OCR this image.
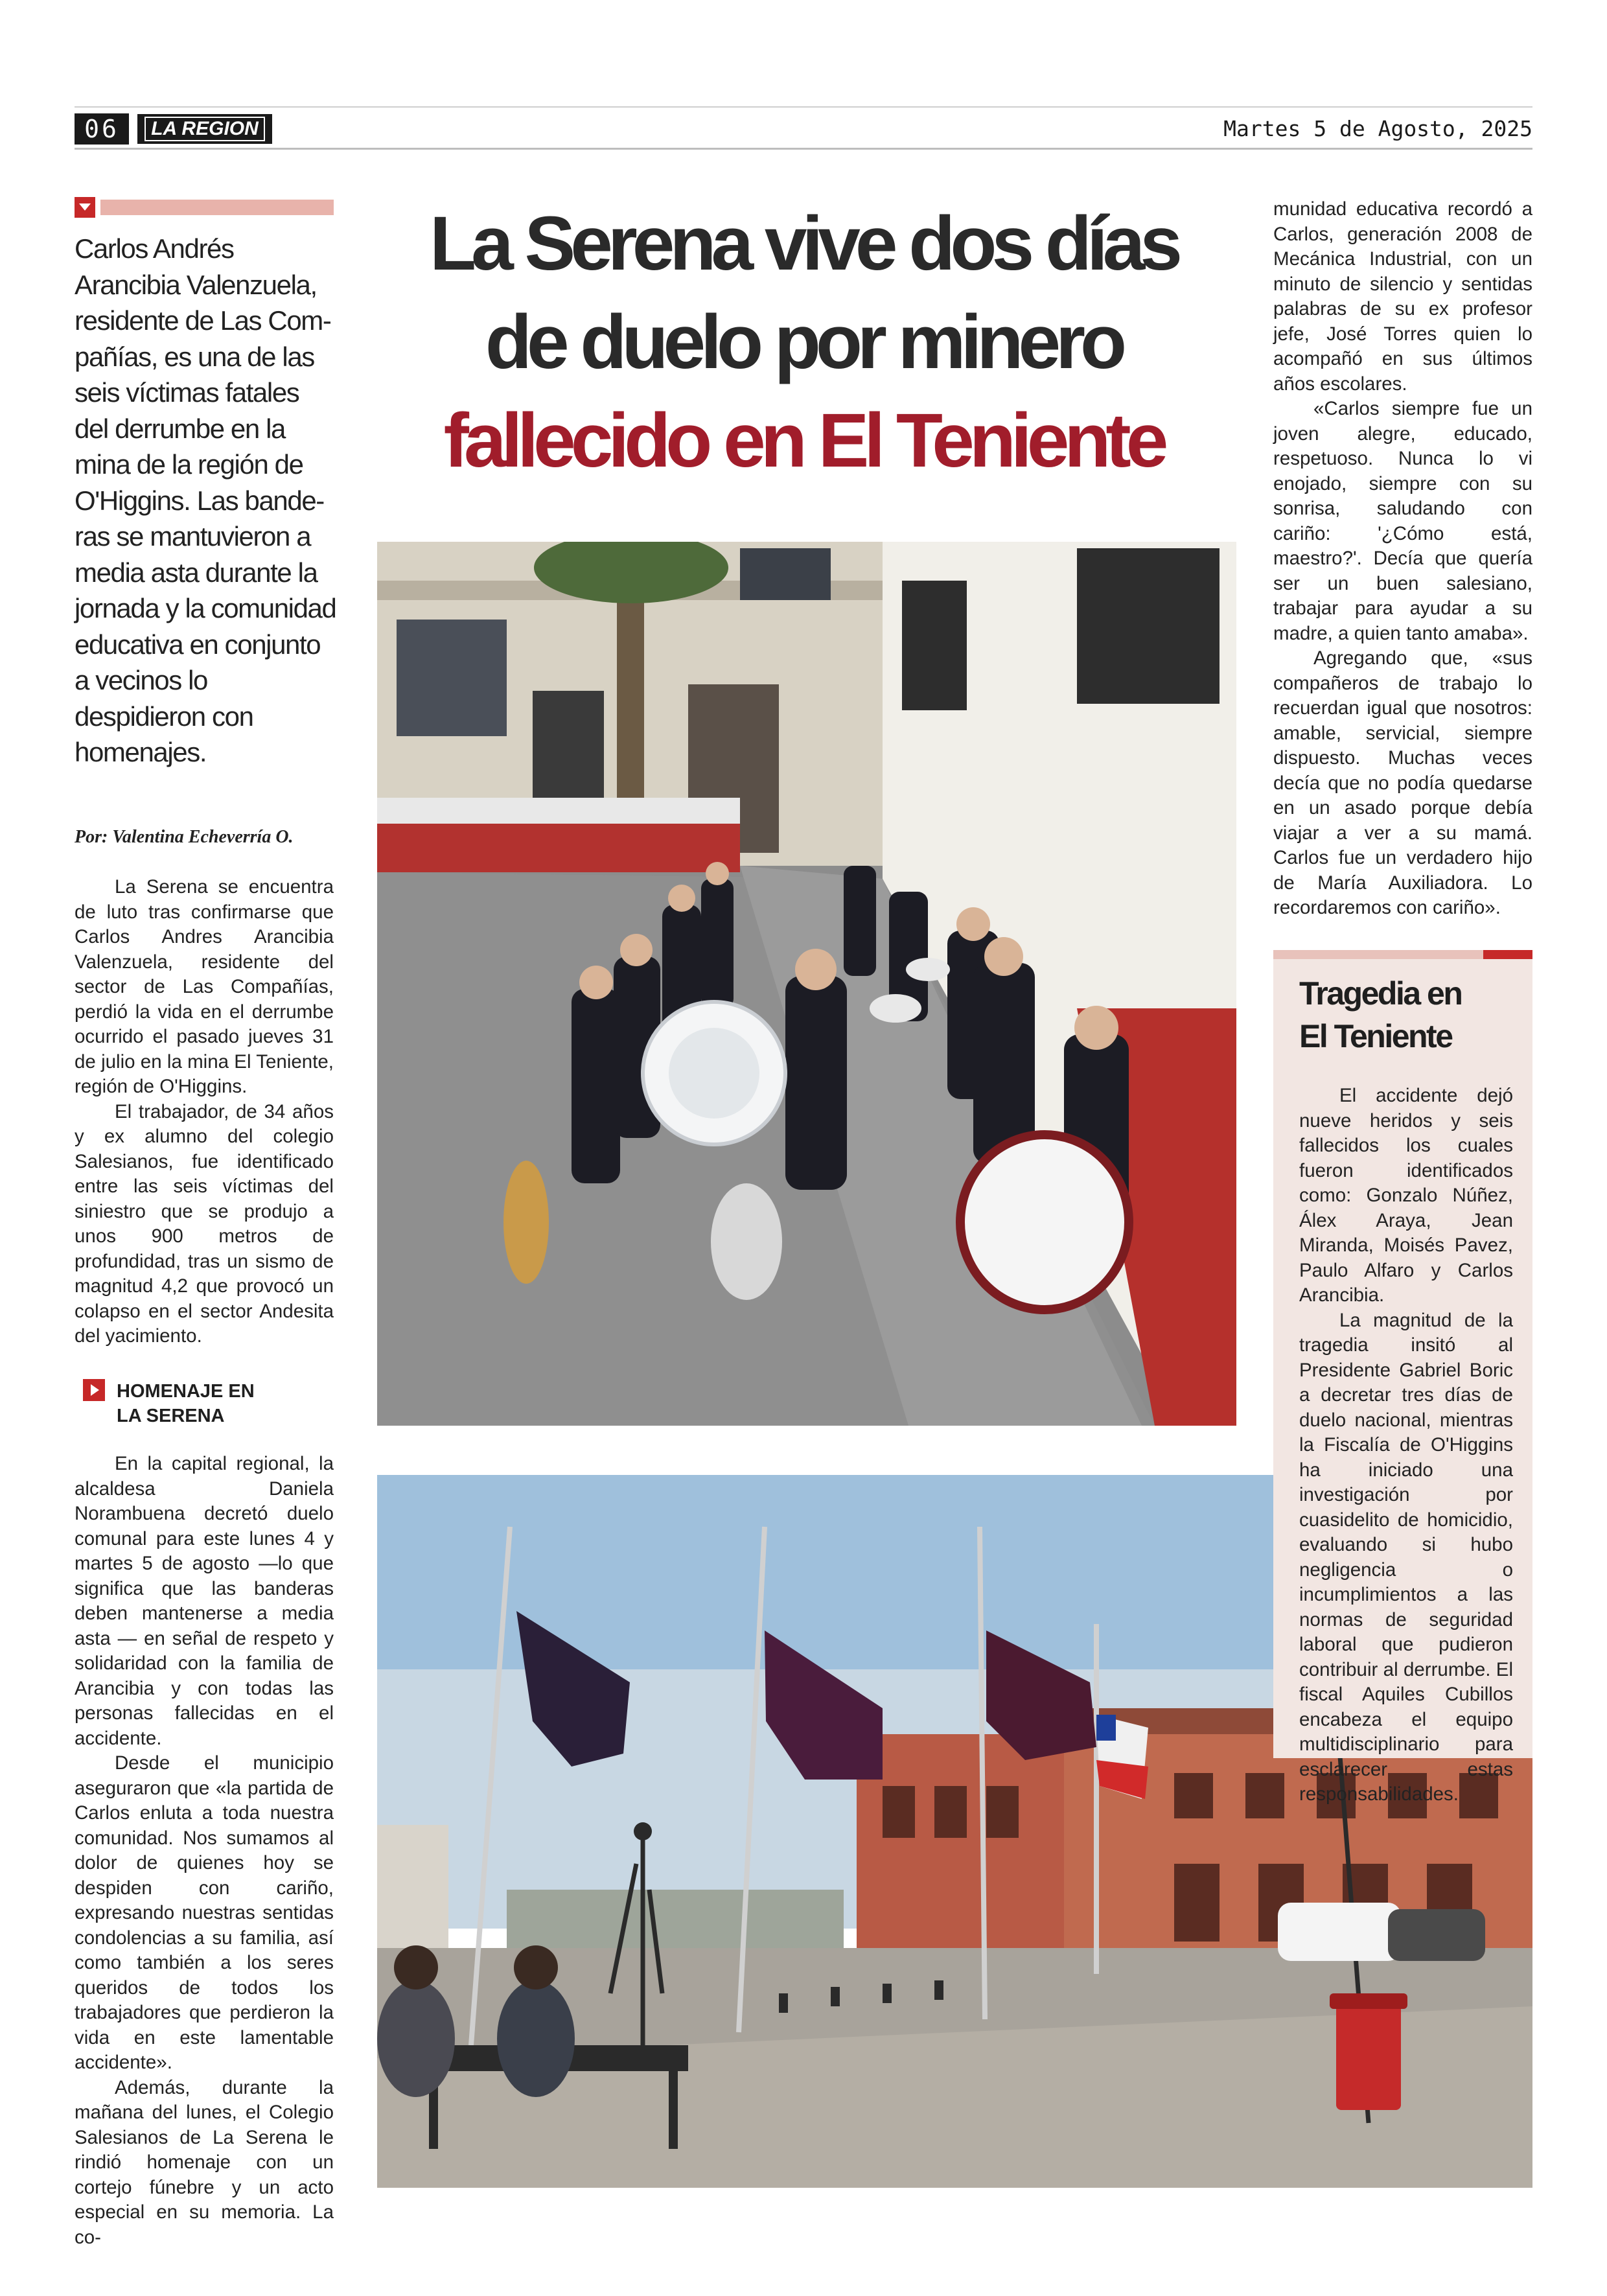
06	LA REGION	Martes 5 de Agosto, 2025
Carlos Andrés Arancibia Valenzuela, residente de Las Com-pañías, es una de las seis víctimas fatales del derrumbe en la mina de la región de O'Higgins. Las bande-ras se mantuvieron a media asta durante la jornada y la comunidad educativa en conjunto a vecinos lo despidieron con homenajes.
Por: Valentina Echeverría O.

La Serena se encuentra de luto tras confirmarse que Carlos Andres Arancibia Valenzuela, residente del sector de Las Compañías, perdió la vida en el derrumbe ocurrido el pasado jueves 31 de julio en la mina El Teniente, región de O'Higgins.

El trabajador, de 34 años y ex alumno del colegio Salesianos, fue identificado entre las seis víctimas del siniestro que se produjo a unos 900 metros de profundidad, tras un sismo de magnitud 4,2 que provocó un colapso en el sector Andesita del yacimiento.

HOMENAJE EN
LA SERENA

En la capital regional, la alcaldesa Daniela Norambuena decretó duelo comunal para este lunes 4 y martes 5 de agosto —lo que significa que las banderas deben mantenerse a media asta — en señal de respeto y solidaridad con la familia de Arancibia y con todas las personas fallecidas en el accidente.

Desde el municipio aseguraron que «la partida de Carlos enluta a toda nuestra comunidad. Nos sumamos al dolor de quienes hoy se despiden con cariño, expresando nuestras sentidas condolencias a su familia, así como también a los seres queridos de todos los trabajadores que perdieron la vida en este lamentable accidente».

Además, durante la mañana del lunes, el Colegio Salesianos de La Serena le rindió homenaje con un cortejo fúnebre y un acto especial en su memoria. La co-

La Serena vive dos días
de duelo por minero
fallecido en El Teniente

munidad educativa recordó a Carlos, generación 2008 de Mecánica Industrial, con un minuto de silencio y sentidas palabras de su ex profesor jefe, José Torres quien lo acompañó en sus últimos años escolares.

«Carlos siempre fue un joven alegre, educado, respetuoso. Nunca lo vi enojado, siempre con su sonrisa, saludando con cariño: '¿Cómo está, maestro?'. Decía que quería ser un buen salesiano, trabajar para ayudar a su madre, a quien tanto amaba».

Agregando que, «sus compañeros de trabajo lo recuerdan igual que nosotros: amable, servicial, siempre dispuesto. Muchas veces decía que no podía quedarse en un asado porque debía viajar a ver a su mamá. Carlos fue un verdadero hijo de María Auxiliadora. Lo recordaremos con cariño».

Tragedia en
El Teniente

El accidente dejó nueve heridos y seis fallecidos los cuales fueron identificados como: Gonzalo Núñez, Álex Araya, Jean Miranda, Moisés Pavez, Paulo Alfaro y Carlos Arancibia.

La magnitud de la tragedia insitó al Presidente Gabriel Boric a decretar tres días de duelo nacional, mientras la Fiscalía de O'Higgins ha iniciado una investigación por cuasidelito de homicidio, evaluando si hubo negligencia o incumplimientos a las normas de seguridad laboral que pudieron contribuir al derrumbe. El fiscal Aquiles Cubillos encabeza el equipo multidisciplinario para esclarecer estas responsabilidades.
